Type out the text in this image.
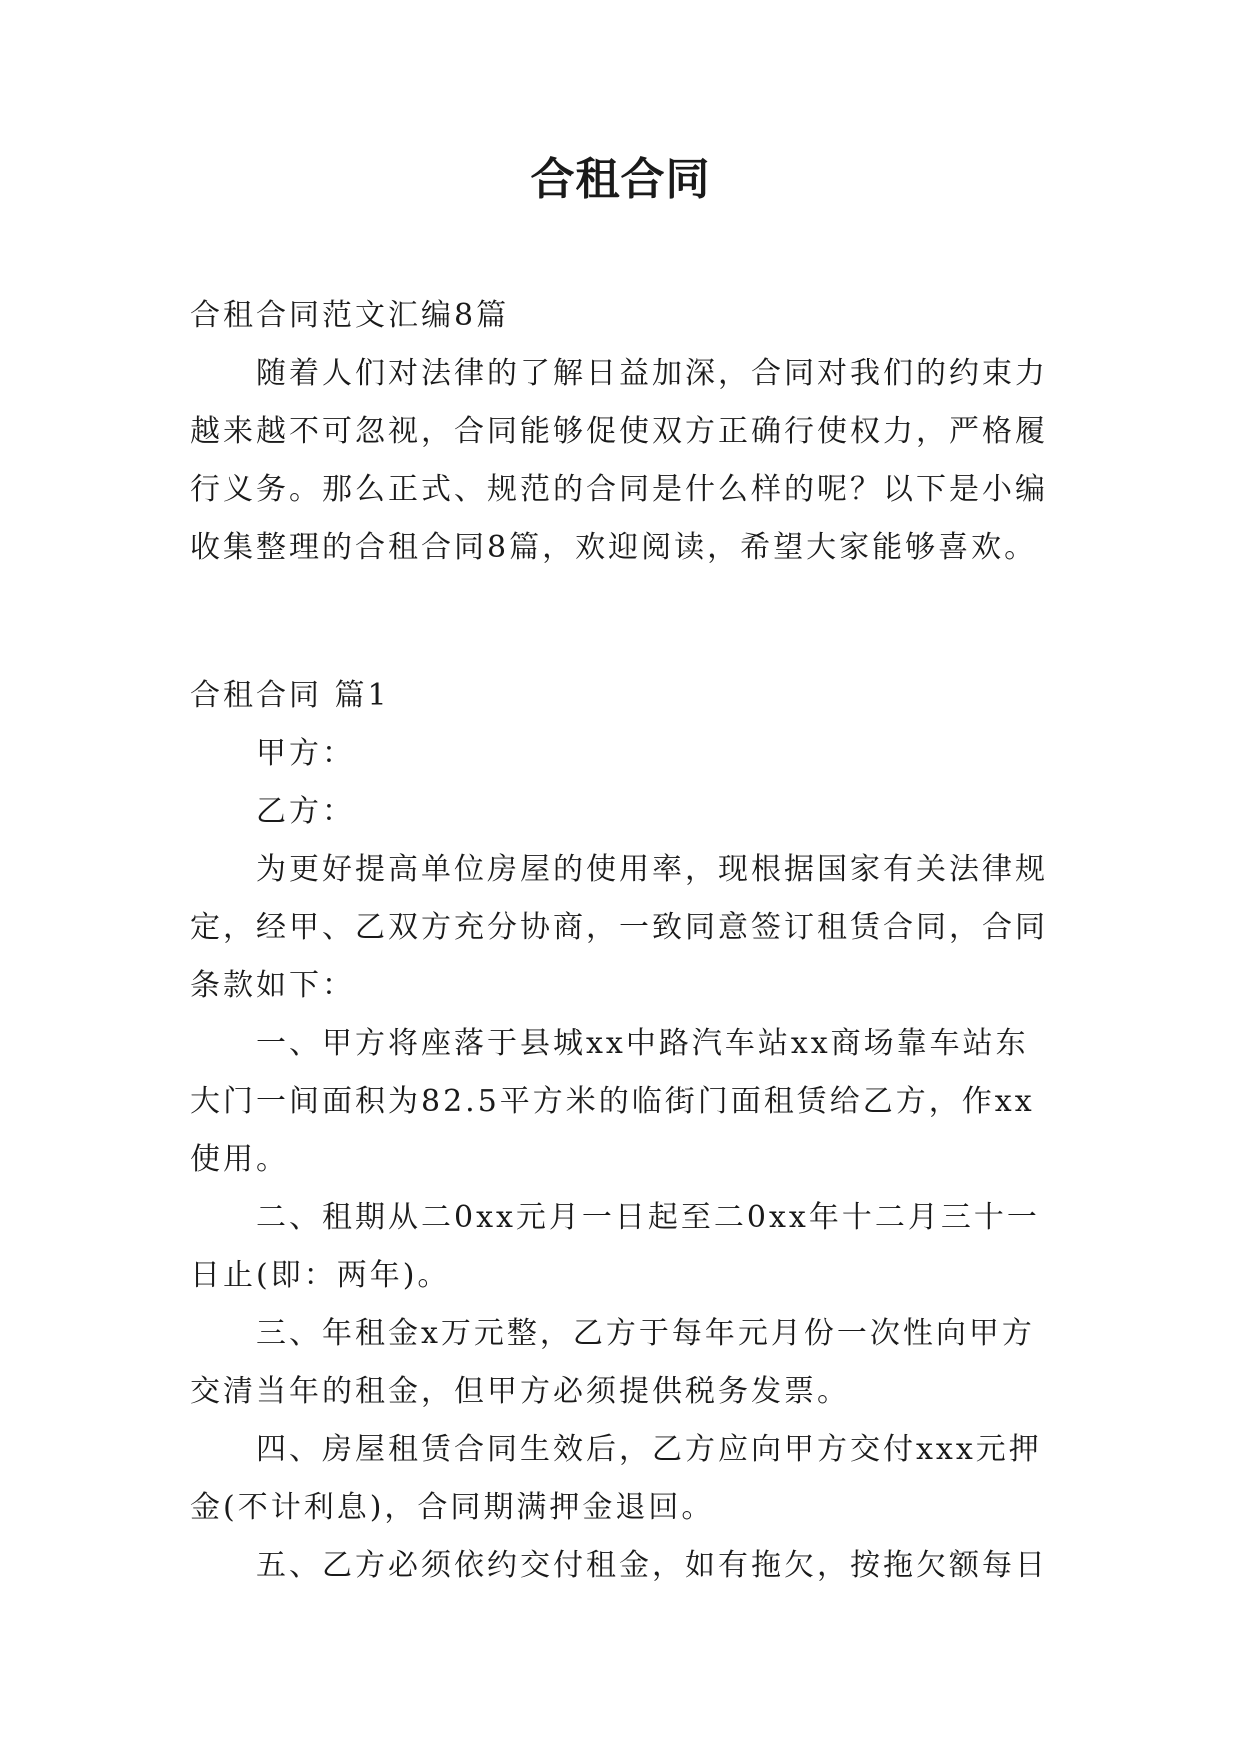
合租合同

合租合同范文汇编8篇

随着人们对法律的了解日益加深，合同对我们的约束力

越来越不可忽视，合同能够促使双方正确行使权力，严格履

行义务。那么正式、规范的合同是什么样的呢？以下是小编

收集整理的合租合同8篇，欢迎阅读，希望大家能够喜欢。

合租合同 篇1

甲方：

乙方：

为更好提高单位房屋的使用率，现根据国家有关法律规

定，经甲、乙双方充分协商，一致同意签订租赁合同，合同

条款如下：

一、甲方将座落于县城xx中路汽车站xx商场靠车站东

大门一间面积为82.5平方米的临街门面租赁给乙方，作xx

使用。

二、租期从二0xx元月一日起至二0xx年十二月三十一

日止(即：两年)。

三、年租金x万元整，乙方于每年元月份一次性向甲方

交清当年的租金，但甲方必须提供税务发票。

四、房屋租赁合同生效后，乙方应向甲方交付xxx元押

金(不计利息)，合同期满押金退回。

五、乙方必须依约交付租金，如有拖欠，按拖欠额每日
